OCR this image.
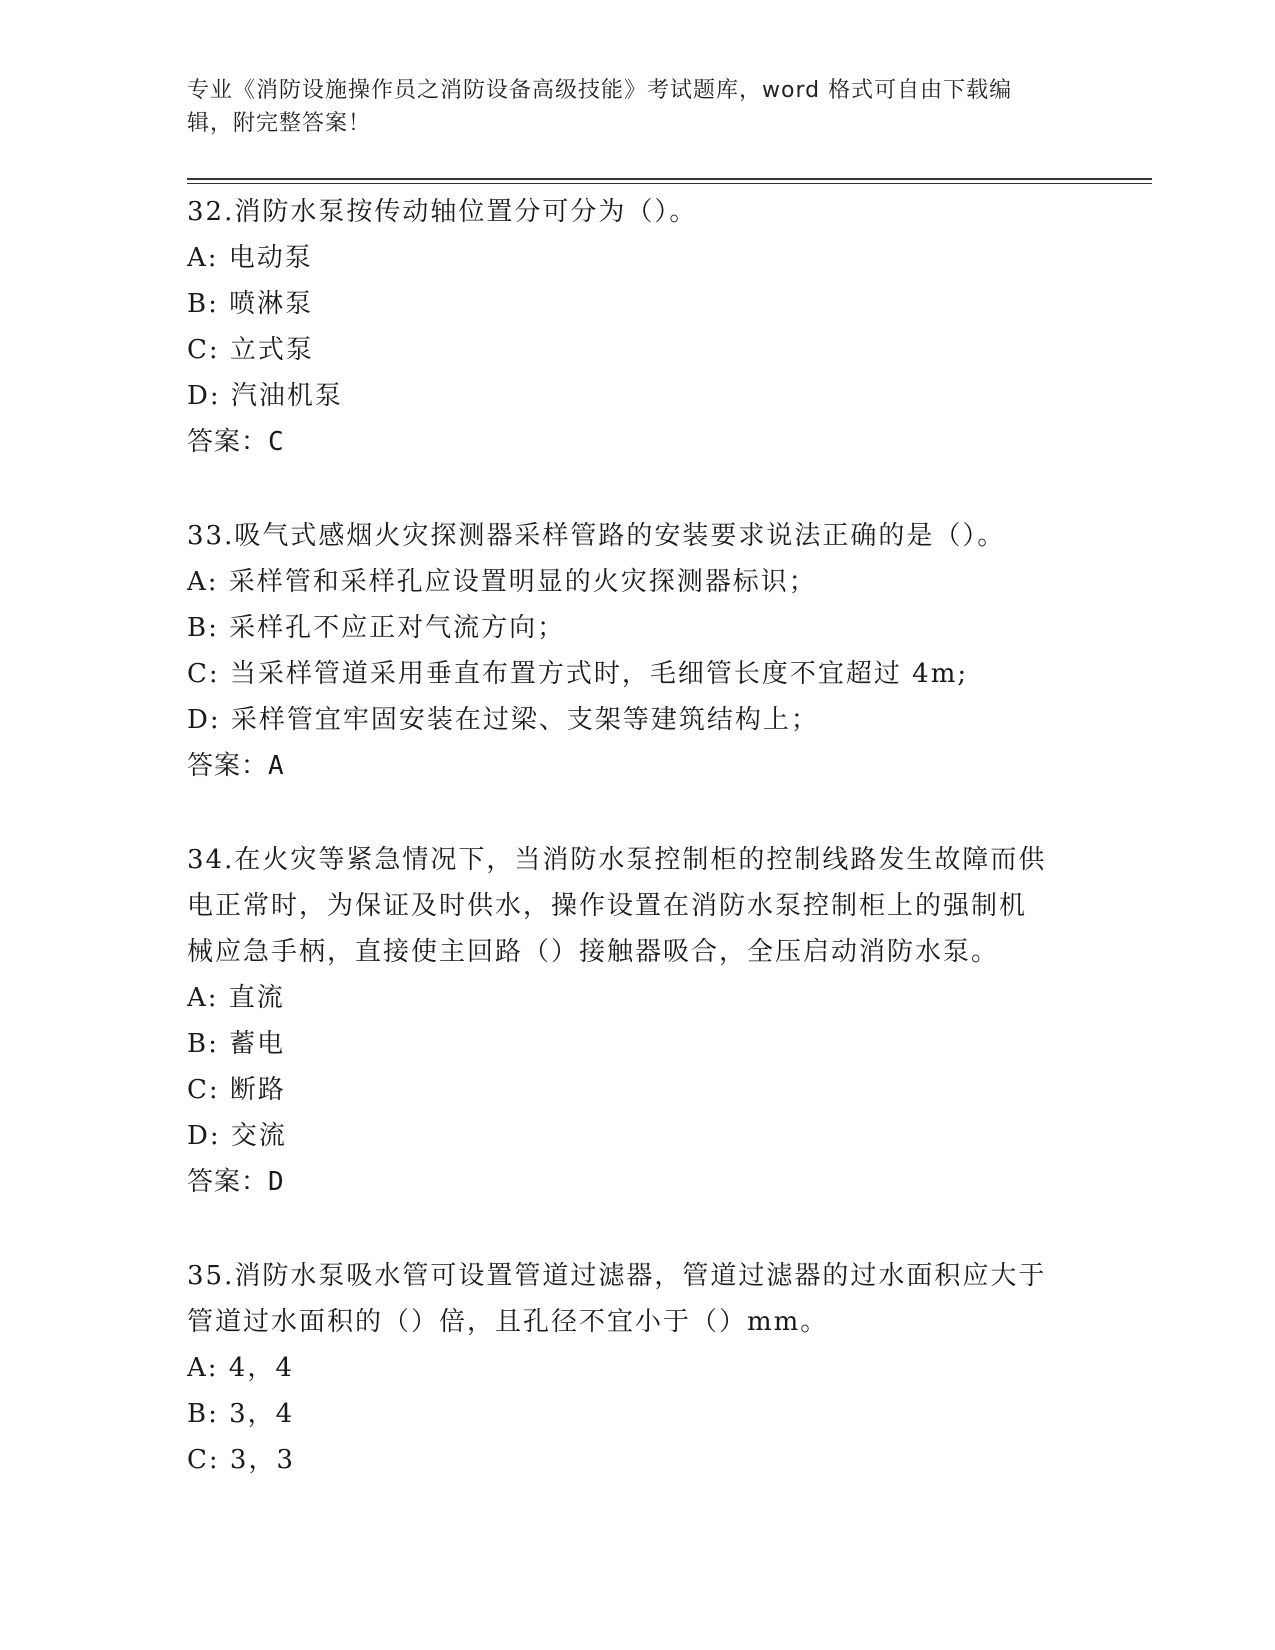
专业《消防设施操作员之消防设备高级技能》考试题库，word 格式可自由下载编
辑，附完整答案！
32.消防水泵按传动轴位置分可分为（）。
A: 电动泵
B: 喷淋泵
C: 立式泵
D: 汽油机泵
答案：C
33.吸气式感烟火灾探测器采样管路的安装要求说法正确的是（）。
A: 采样管和采样孔应设置明显的火灾探测器标识；
B: 采样孔不应正对气流方向；
C: 当采样管道采用垂直布置方式时，毛细管长度不宜超过 4m;
D: 采样管宜牢固安装在过梁、支架等建筑结构上；
答案：A
34.在火灾等紧急情况下，当消防水泵控制柜的控制线路发生故障而供
电正常时，为保证及时供水，操作设置在消防水泵控制柜上的强制机
械应急手柄，直接使主回路（）接触器吸合，全压启动消防水泵。
A: 直流
B: 蓄电
C: 断路
D: 交流
答案：D
35.消防水泵吸水管可设置管道过滤器，管道过滤器的过水面积应大于
管道过水面积的（）倍，且孔径不宜小于（）mm。
A: 4，4
B: 3，4
C: 3，3
